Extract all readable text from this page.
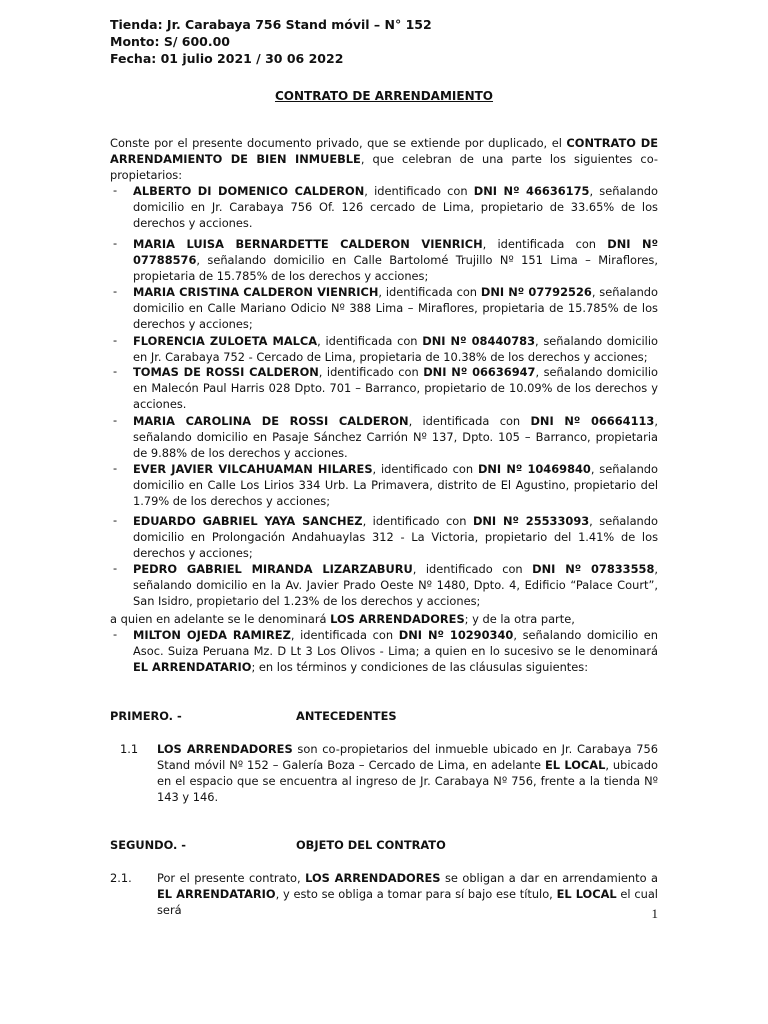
Tienda: Jr. Carabaya 756 Stand móvil – N° 152
Monto: S/ 600.00
Fecha: 01 julio 2021 / 30 06 2022
CONTRATO DE ARRENDAMIENTO
Conste por el presente documento privado, que se extiende por duplicado, el CONTRATO DE ARRENDAMIENTO DE BIEN INMUEBLE, que celebran de una parte los siguientes co-propietarios:
- ALBERTO DI DOMENICO CALDERON, identificado con DNI Nº 46636175, señalando domicilio en Jr. Carabaya 756 Of. 126 cercado de Lima, propietario de 33.65% de los derechos y acciones.
- MARIA LUISA BERNARDETTE CALDERON VIENRICH, identificada con DNI Nº 07788576, señalando domicilio en Calle Bartolomé Trujillo Nº 151 Lima – Miraflores, propietaria de 15.785% de los derechos y acciones;
- MARIA CRISTINA CALDERON VIENRICH, identificada con DNI Nº 07792526, señalando domicilio en Calle Mariano Odicio Nº 388 Lima – Miraflores, propietaria de 15.785% de los derechos y acciones;
- FLORENCIA ZULOETA MALCA, identificada con DNI Nº 08440783, señalando domicilio en Jr. Carabaya 752 - Cercado de Lima, propietaria de 10.38% de los derechos y acciones;
- TOMAS DE ROSSI CALDERON, identificado con DNI Nº 06636947, señalando domicilio en Malecón Paul Harris 028 Dpto. 701 – Barranco, propietario de 10.09% de los derechos y acciones.
- MARIA CAROLINA DE ROSSI CALDERON, identificada con DNI Nº 06664113, señalando domicilio en Pasaje Sánchez Carrión Nº 137, Dpto. 105 – Barranco, propietaria de 9.88% de los derechos y acciones.
- EVER JAVIER VILCAHUAMAN HILARES, identificado con DNI Nº 10469840, señalando domicilio en Calle Los Lirios 334 Urb. La Primavera, distrito de El Agustino, propietario del 1.79% de los derechos y acciones;
- EDUARDO GABRIEL YAYA SANCHEZ, identificado con DNI Nº 25533093, señalando domicilio en Prolongación Andahuaylas 312 - La Victoria, propietario del 1.41% de los derechos y acciones;
- PEDRO GABRIEL MIRANDA LIZARZABURU, identificado con DNI Nº 07833558, señalando domicilio en la Av. Javier Prado Oeste Nº 1480, Dpto. 4, Edificio “Palace Court”, San Isidro, propietario del 1.23% de los derechos y acciones;
a quien en adelante se le denominará LOS ARRENDADORES; y de la otra parte,
- MILTON OJEDA RAMIREZ, identificada con DNI Nº 10290340, señalando domicilio en Asoc. Suiza Peruana Mz. D Lt 3 Los Olivos - Lima; a quien en lo sucesivo se le denominará EL ARRENDATARIO; en los términos y condiciones de las cláusulas siguientes:
PRIMERO. -	ANTECEDENTES
1.1 LOS ARRENDADORES son co-propietarios del inmueble ubicado en Jr. Carabaya 756 Stand móvil Nº 152 – Galería Boza – Cercado de Lima, en adelante EL LOCAL, ubicado en el espacio que se encuentra al ingreso de Jr. Carabaya Nº 756, frente a la tienda Nº 143 y 146.
SEGUNDO. -	OBJETO DEL CONTRATO
2.1. Por el presente contrato, LOS ARRENDADORES se obligan a dar en arrendamiento a EL ARRENDATARIO, y esto se obliga a tomar para sí bajo ese título, EL LOCAL el cual será	1
